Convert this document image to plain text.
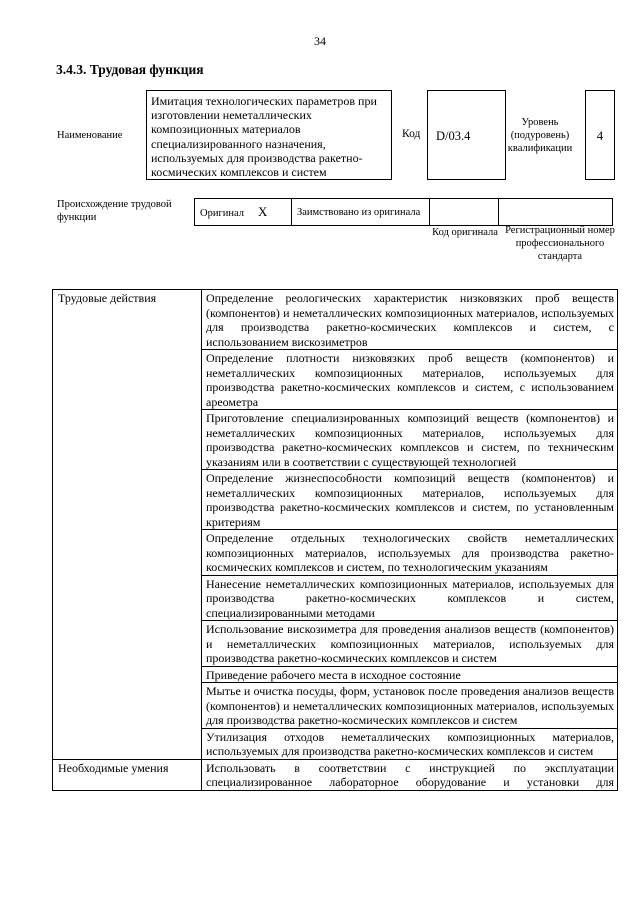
34
3.4.3. Трудовая функция
Наименование
Имитация технологических параметров при изготовлении неметаллических композиционных материалов специализированного назначения, используемых для производства ракетно-космических комплексов и систем
Код	D/03.4
Уровень (подуровень) квалификации
4
Происхождение трудовой функции	Оригинал X	Заимствовано из оригинала		
Код оригинала Регистрационный номер профессионального стандарта
Трудовые действия	Определение реологических характеристик низковязких проб веществ (компонентов) и неметаллических композиционных материалов, используемых для производства ракетно-космических комплексов и систем, с использованием вискозиметров
	Определение плотности низковязких проб веществ (компонентов) и неметаллических композиционных материалов, используемых для производства ракетно-космических комплексов и систем, с использованием ареометра
	Приготовление специализированных композиций веществ (компонентов) и неметаллических композиционных материалов, используемых для производства ракетно-космических комплексов и систем, по техническим указаниям или в соответствии с существующей технологией
	Определение жизнеспособности композиций веществ (компонентов) и неметаллических композиционных материалов, используемых для производства ракетно-космических комплексов и систем, по установленным критериям
	Определение отдельных технологических свойств неметаллических композиционных материалов, используемых для производства ракетно-космических комплексов и систем, по технологическим указаниям
	Нанесение неметаллических композиционных материалов, используемых для производства ракетно-космических комплексов и систем, специализированными методами
	Использование вискозиметра для проведения анализов веществ (компонентов) и неметаллических композиционных материалов, используемых для производства ракетно-космических комплексов и систем
	Приведение рабочего места в исходное состояние
	Мытье и очистка посуды, форм, установок после проведения анализов веществ (компонентов) и неметаллических композиционных материалов, используемых для производства ракетно-космических комплексов и систем
	Утилизация отходов неметаллических композиционных материалов, используемых для производства ракетно-космических комплексов и систем
Необходимые умения	Использовать в соответствии с инструкцией по эксплуатации специализированное лабораторное оборудование и установки для
